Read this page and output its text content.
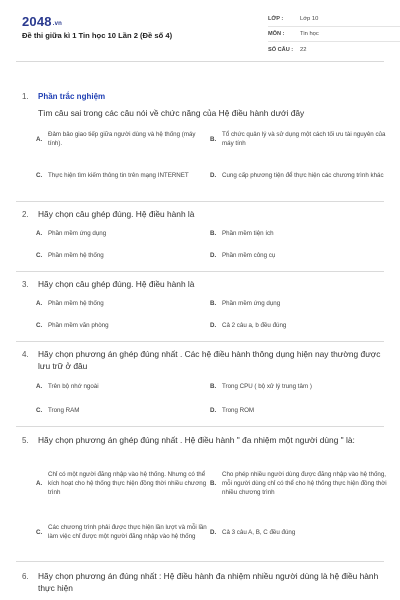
2048.vn
Đề thi giữa kì 1 Tin học 10 Lần 2 (Đề số 4)
LỚP :	Lớp 10
MÔN :	Tin học
SỐ CÂU :	22
1. Phần trắc nghiệm
Tìm câu sai trong các câu nói về chức năng của Hệ điều hành dưới đây
A.
Đảm bảo giao tiếp giữa người dùng và hệ thống (máy tính).
B.
Tổ chức quản lý và sử dụng một cách tối ưu tài nguyên của máy tính
C. Thực hiện tìm kiếm thông tin trên mạng INTERNET	D. Cung cấp phương tiện để thực hiện các chương trình khác
2.	Hãy chọn câu ghép đúng. Hệ điều hành là
A. Phần mềm ứng dụng	B. Phần mềm tiện ích
C. Phần mềm hệ thống	D. Phần mềm công cụ
3.	Hãy chọn câu ghép đúng. Hệ điều hành là
A. Phần mềm hệ thống	B. Phần mềm ứng dụng
C. Phần mềm văn phòng	D. Cả 2 câu a, b đều đúng
4.	Hãy chọn phương án ghép đúng nhất . Các hệ điều hành thông dụng hiện nay thường được lưu trữ ở đâu
A. Trên bộ nhớ ngoài	B. Trong CPU ( bộ xử lý trung tâm )
C. Trong RAM	D. Trong ROM
5.	Hãy chọn phương án ghép đúng nhất . Hệ điều hành " đa nhiệm một người dùng " là:
A.
Chỉ có một người đăng nhập vào hệ thống. Nhưng có thể kích hoạt cho hệ thống thực hiện đồng thời nhiều chương trình
B.
Cho phép nhiều người dùng được đăng nhập vào hệ thống, mỗi người dùng chỉ có thể cho hệ thống thực hiện đồng thời nhiều chương trình
C.
Các chương trình phải được thực hiện lần lượt và mỗi lần làm việc chỉ được một người đăng nhập vào hệ thống
D. Cả 3 câu A, B, C đều đúng
6.	Hãy chọn phương án đúng nhất : Hệ điều hành đa nhiệm nhiều người dùng là hệ điều hành thực hiện
